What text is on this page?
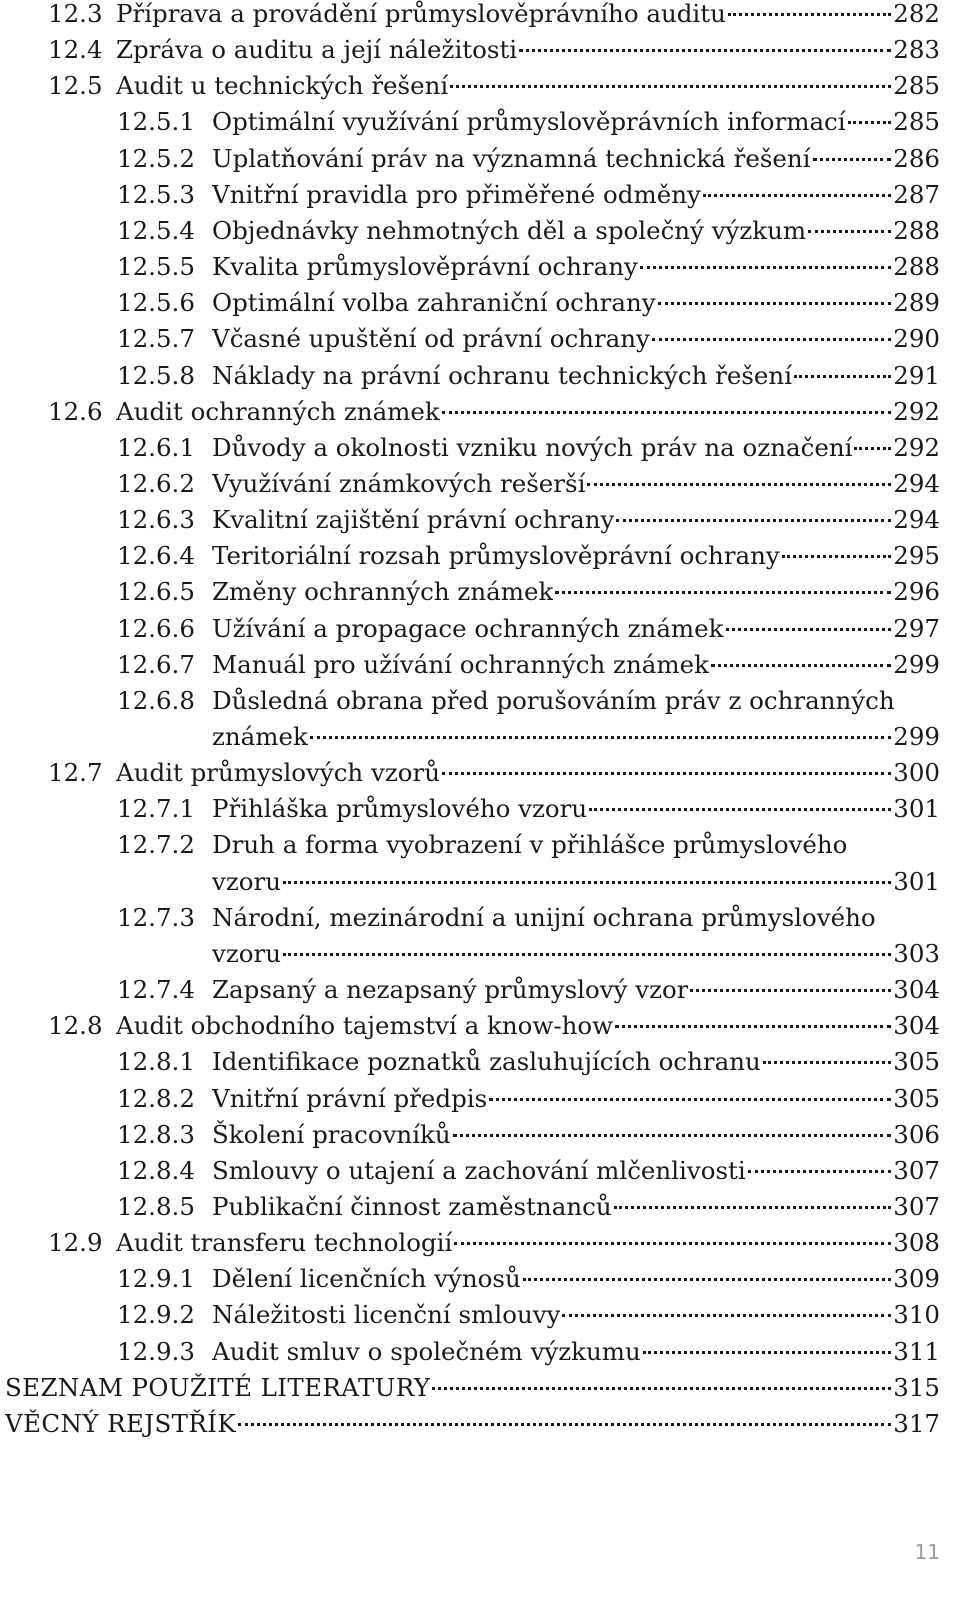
12.3 Příprava a provádění průmyslověprávního auditu	282
12.4 Zpráva o auditu a její náležitosti	283
12.5 Audit u technických řešení	285
12.5.1 Optimální využívání průmyslověprávních informací 285
12.5.2 Uplatňování práv na významná technická řešení	286
12.5.3 Vnitřní pravidla pro přiměřené odměny	287
12.5.4 Objednávky nehmotných děl a společný výzkum	288
12.5.5 Kvalita průmyslověprávní ochrany	288
12.5.6 Optimální volba zahraniční ochrany	289
12.5.7 Včasné upuštění od právní ochrany	290
12.5.8 Náklady na právní ochranu technických řešení	291
12.6 Audit ochranných známek	292
12.6.1 Důvody a okolnosti vzniku nových práv na označení 292
12.6.2 Využívání známkových rešerší	294
12.6.3 Kvalitní zajištění právní ochrany	294
12.6.4 Teritoriální rozsah průmyslověprávní ochrany	295
12.6.5 Změny ochranných známek	296
12.6.6 Užívání a propagace ochranných známek	297
12.6.7 Manuál pro užívání ochranných známek	299
12.6.8 Důsledná obrana před porušováním práv z ochranných
známek	299
12.7 Audit průmyslových vzorů	300
12.7.1 Přihláška průmyslového vzoru	301
12.7.2 Druh a forma vyobrazení v přihlášce průmyslového
vzoru	301
12.7.3 Národní, mezinárodní a unijní ochrana průmyslového
vzoru	303
12.7.4 Zapsaný a nezapsaný průmyslový vzor	304
12.8 Audit obchodního tajemství a know-how	304
12.8.1 Identifikace poznatků zasluhujících ochranu	305
12.8.2 Vnitřní právní předpis	305
12.8.3 Školení pracovníků	306
12.8.4 Smlouvy o utajení a zachování mlčenlivosti	307
12.8.5 Publikační činnost zaměstnanců	307
12.9 Audit transferu technologií	308
12.9.1 Dělení licenčních výnosů	309
12.9.2 Náležitosti licenční smlouvy	310
12.9.3 Audit smluv o společném výzkumu	311
SEZNAM POUŽITÉ LITERATURY	315
VĚCNÝ REJSTŘÍK	317
11
